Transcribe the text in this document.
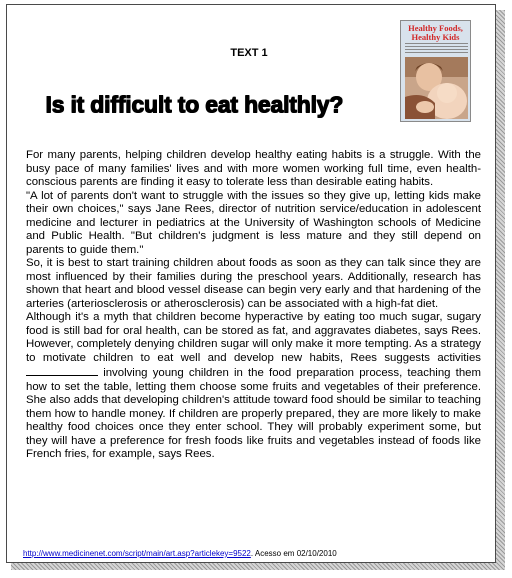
TEXT 1
Is it difficult to eat healthly?
Healthy Foods,
Healthy Kids

For many parents, helping children develop healthy eating habits is a struggle. With the busy pace of many families' lives and with more women working full time, even health-conscious parents are finding it easy to tolerate less than desirable eating habits.

"A lot of parents don't want to struggle with the issues so they give up, letting kids make their own choices," says Jane Rees, director of nutrition service/education in adolescent medicine and lecturer in pediatrics at the University of Washington schools of Medicine and Public Health. "But children's judgment is less mature and they still depend on parents to guide them."

So, it is best to start training children about foods as soon as they can talk since they are most influenced by their families during the preschool years. Additionally, research has shown that heart and blood vessel disease can begin very early and that hardening of the arteries (arteriosclerosis or atherosclerosis) can be associated with a high-fat diet.

Although it's a myth that children become hyperactive by eating too much sugar, sugary food is still bad for oral health, can be stored as fat, and aggravates diabetes, says Rees. However, completely denying children sugar will only make it more tempting. As a strategy to motivate children to eat well and develop new habits, Rees suggests activities  involving young children in the food preparation process, teaching them how to set the table, letting them choose some fruits and vegetables of their preference. She also adds that developing children's attitude toward food should be similar to teaching them how to handle money. If children are properly prepared, they are more likely to make healthy food choices once they enter school. They will probably experiment some, but they will have a preference for fresh foods like fruits and vegetables instead of foods like French fries, for example, says Rees.

http://www.medicinenet.com/script/main/art.asp?articlekey=9522. Acesso em 02/10/2010
